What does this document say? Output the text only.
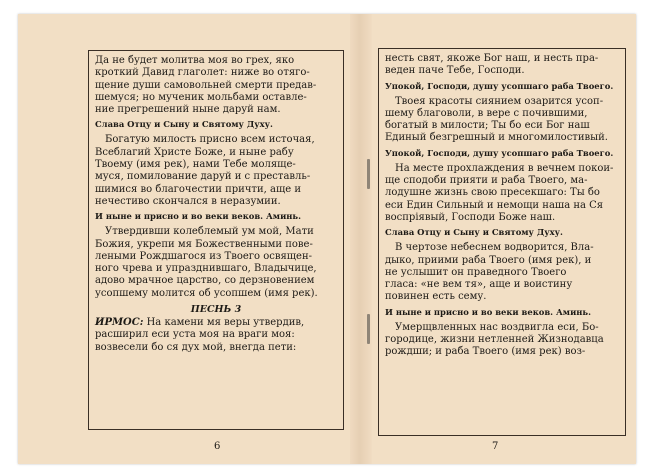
Да не будет молитва моя во грех, яко
кроткий Давид глаголет: ниже во отяго-
щение души самовольней смерти предав-
шемуся; но мученик мольбами оставле-
ние прегрешений ныне даруй нам.

Слава Отцу и Сыну и Святому Духу.

Богатую милость присно всем источая,
Всеблагий Христе Боже, и ныне рабу
Твоему (имя рек), нами Тебе моляще-
муся, помилование даруй и с преставль-
шимися во благочестии причти, аще и
нечестиво скончался в неразумии.

И ныне и присно и во веки веков. Аминь.

Утвердивши колеблемый ум мой, Мати
Божия, укрепи мя Божественными пове-
леными Рождшагося из Твоего освящен-
ного чрева и упразднившаго, Владычице,
адово мрачное царство, со дерзновением
усопшему молится об усопшем (имя рек).

ПЕСНЬ 3

ИРМОС: На камени мя веры утвердив,
расширил еси уста моя на враги моя:
возвесели бо ся дух мой, внегда пети:

6

несть свят, якоже Бог наш, и несть пра-
веден паче Тебе, Господи.

Упокой, Господи, душу усопшаго раба Твоего.

Твоея красоты сиянием озарится усоп-
шему благоволи, в вере с почившими,
богатый в милости; Ты бо еси Бог наш
Единый безгрешный и многомилостивый.

Упокой, Господи, душу усопшаго раба Твоего.

На месте прохлаждения в вечнем покои-
ще сподоби прияти и раба Твоего, ма-
лодушне жизнь свою пресекшаго: Ты бо
еси Един Сильный и немощи наша на Ся
воспріявый, Господи Боже наш.

Слава Отцу и Сыну и Святому Духу.

В чертозе небеснем водворится, Вла-
дыко, приими раба Твоего (имя рек), и
не услышит он праведного Твоего
гласа: «не вем тя», аще и воистину
повинен есть сему.

И ныне и присно и во веки веков. Аминь.

Умерщвленных нас воздвигла еси, Бо-
городице, жизни нетленней Жизнодавца
рождши; и раба Твоего (имя рек) воз-

7
